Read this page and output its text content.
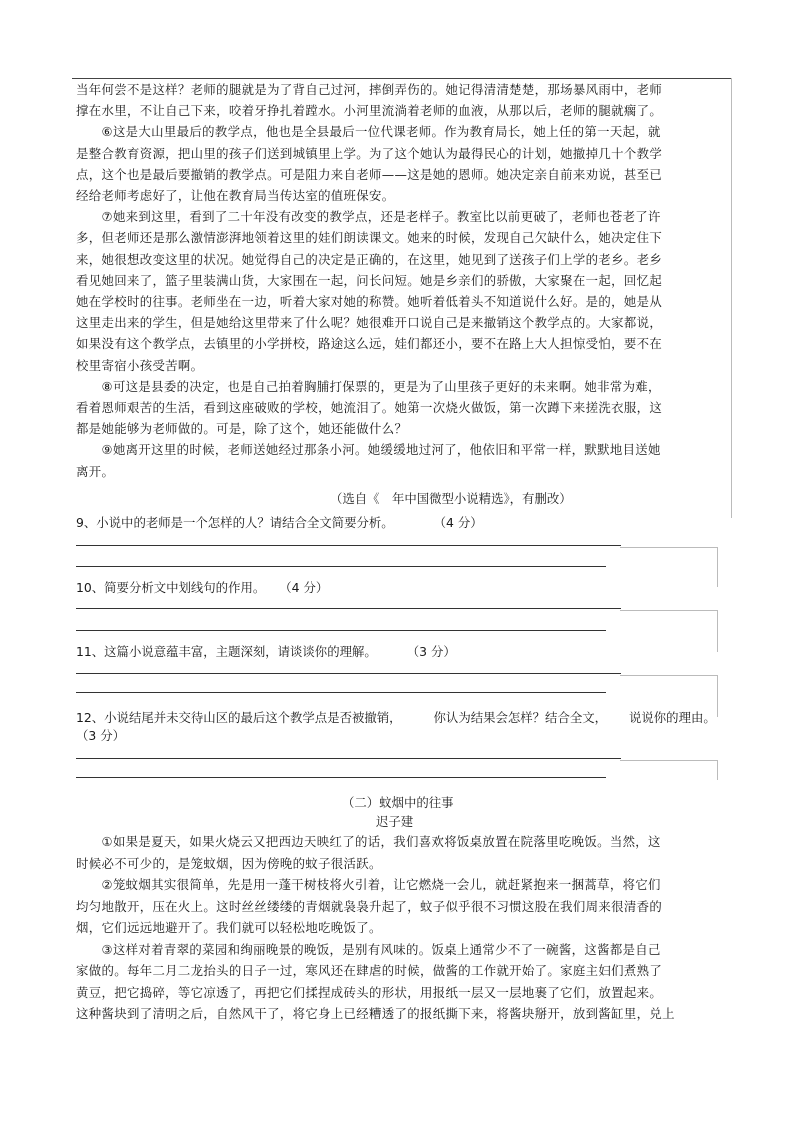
当年何尝不是这样？老师的腿就是为了背自己过河，摔倒弄伤的。她记得清清楚楚，那场暴风雨中，老师
撑在水里，不让自己下来，咬着牙挣扎着蹚水。小河里流淌着老师的血液，从那以后，老师的腿就瘸了。
　　⑥这是大山里最后的教学点，他也是全县最后一位代课老师。作为教育局长，她上任的第一天起，就
是整合教育资源，把山里的孩子们送到城镇里上学。为了这个她认为最得民心的计划，她撤掉几十个教学
点，这个也是最后要撤销的教学点。可是阻力来自老师——这是她的恩师。她决定亲自前来劝说，甚至已
经给老师考虑好了，让他在教育局当传达室的值班保安。
　　⑦她来到这里，看到了二十年没有改变的教学点，还是老样子。教室比以前更破了，老师也苍老了许
多，但老师还是那么激情澎湃地领着这里的娃们朗读课文。她来的时候，发现自己欠缺什么，她决定住下
来，她很想改变这里的状况。她觉得自己的决定是正确的，在这里，她见到了送孩子们上学的老乡。老乡
看见她回来了，篮子里装满山货，大家围在一起，问长问短。她是乡亲们的骄傲，大家聚在一起，回忆起
她在学校时的往事。老师坐在一边，听着大家对她的称赞。她听着低着头不知道说什么好。是的，她是从
这里走出来的学生，但是她给这里带来了什么呢？她很难开口说自己是来撤销这个教学点的。大家都说，
如果没有这个教学点，去镇里的小学拼校，路途这么远，娃们都还小，要不在路上大人担惊受怕，要不在
校里寄宿小孩受苦啊。
　　⑧可这是县委的决定，也是自己拍着胸脯打保票的，更是为了山里孩子更好的未来啊。她非常为难，
看着恩师艰苦的生活，看到这座破败的学校，她流泪了。她第一次烧火做饭，第一次蹲下来搓洗衣服，这
都是她能够为老师做的。可是，除了这个，她还能做什么？
　　⑨她离开这里的时候，老师送她经过那条小河。她缓缓地过河了，他依旧和平常一样，默默地目送她
离开。
（选自《　年中国微型小说精选》，有删改）
9、小说中的老师是一个怎样的人？请结合全文简要分析。	（4 分）
10、简要分析文中划线句的作用。 （4 分）
11、这篇小说意蕴丰富，主题深刻，请谈谈你的理解。 （3 分）
12、小说结尾并未交待山区的最后这个教学点是否被撤销，	你认为结果会怎样？结合全文， 说说你的理由。
（3 分）
（二）蚊烟中的往事
迟子建
　　①如果是夏天，如果火烧云又把西边天映红了的话，我们喜欢将饭桌放置在院落里吃晚饭。当然，这
时候必不可少的，是笼蚊烟，因为傍晚的蚊子很活跃。
　　②笼蚊烟其实很简单，先是用一蓬干树枝将火引着，让它燃烧一会儿，就赶紧抱来一捆蒿草，将它们
均匀地散开，压在火上。这时丝丝缕缕的青烟就袅袅升起了，蚊子似乎很不习惯这股在我们周来很清香的
烟，它们远远地避开了。我们就可以轻松地吃晚饭了。
　　③这样对着青翠的菜园和绚丽晚景的晚饭，是别有风味的。饭桌上通常少不了一碗酱，这酱都是自己
家做的。每年二月二龙抬头的日子一过，寒风还在肆虐的时候，做酱的工作就开始了。家庭主妇们煮熟了
黄豆，把它捣碎，等它凉透了，再把它们揉捏成砖头的形状，用报纸一层又一层地裹了它们，放置起来。
这种酱块到了清明之后，自然风干了，将它身上已经糟透了的报纸撕下来，将酱块掰开，放到酱缸里，兑上
